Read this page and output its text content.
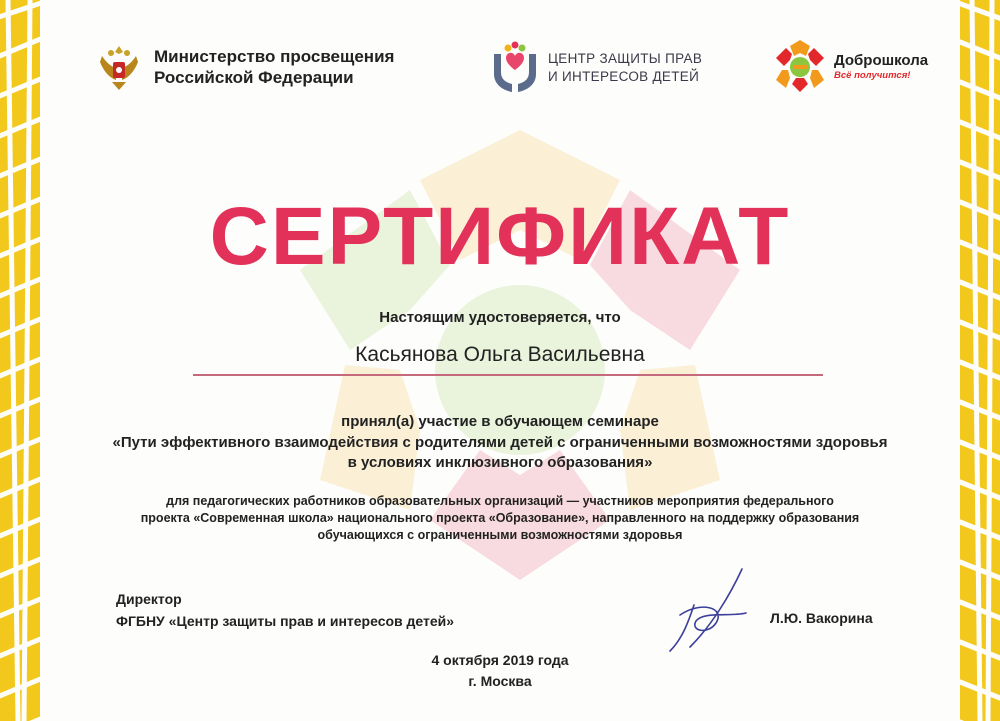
Министерство просвещения
Российской Федерации
ЦЕНТР ЗАЩИТЫ ПРАВ
И ИНТЕРЕСОВ ДЕТЕЙ
Доброшкола
Всё получится!
СЕРТИФИКАТ
Настоящим удостоверяется, что
Касьянова Ольга Васильевна
принял(а) участие в обучающем семинаре
«Пути эффективного взаимодействия с родителями детей с ограниченными возможностями здоровья в условиях инклюзивного образования»
для педагогических работников образовательных организаций — участников мероприятия федерального проекта «Современная школа» национального проекта «Образование», направленного на поддержку образования обучающихся с ограниченными возможностями здоровья
Директор
ФГБНУ «Центр защиты прав и интересов детей»	Л.Ю. Вакорина
4 октября 2019 года
г. Москва
